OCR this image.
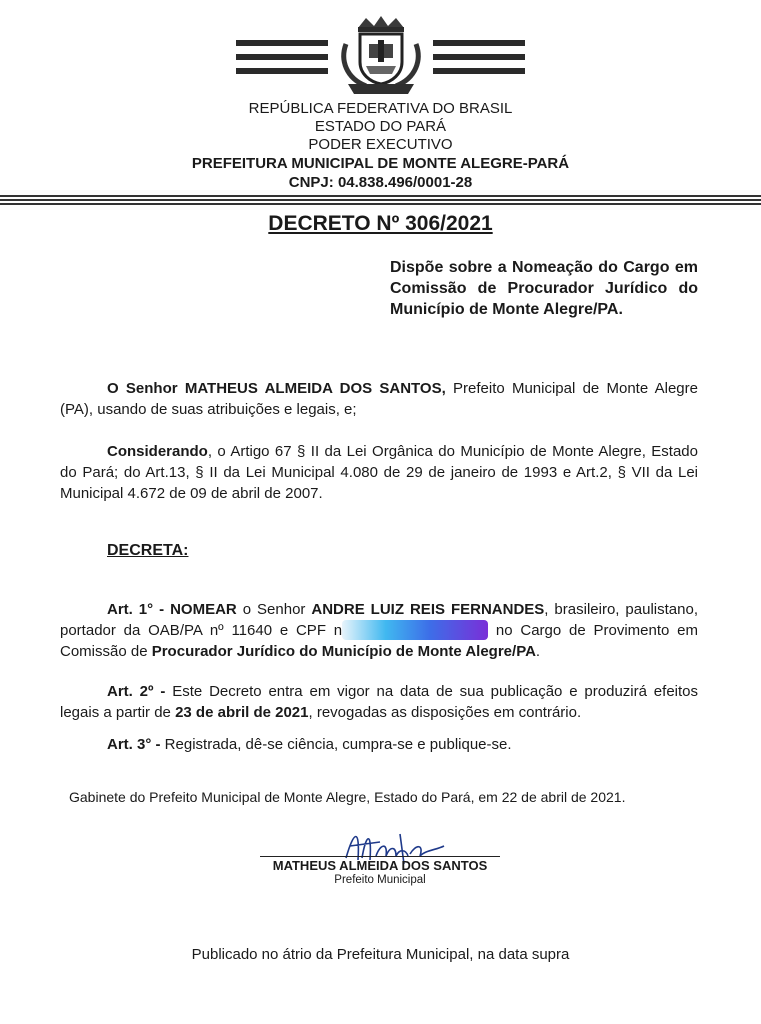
REPÚBLICA FEDERATIVA DO BRASIL
ESTADO DO PARÁ
PODER EXECUTIVO
PREFEITURA MUNICIPAL DE MONTE ALEGRE-PARÁ
CNPJ: 04.838.496/0001-28
DECRETO Nº 306/2021
Dispõe sobre a Nomeação do Cargo em Comissão de Procurador Jurídico do Município de Monte Alegre/PA.
O Senhor MATHEUS ALMEIDA DOS SANTOS, Prefeito Municipal de Monte Alegre (PA), usando de suas atribuições e legais, e;
Considerando, o Artigo 67 § II da Lei Orgânica do Município de Monte Alegre, Estado do Pará; do Art.13, § II da Lei Municipal 4.080 de 29 de janeiro de 1993 e Art.2, § VII da Lei Municipal 4.672 de 09 de abril de 2007.
DECRETA:
Art. 1° - NOMEAR o Senhor ANDRE LUIZ REIS FERNANDES, brasileiro, paulistano, portador da OAB/PA nº 11640 e CPF n	no Cargo de Provimento em Comissão de Procurador Jurídico do Município de Monte Alegre/PA.
Art. 2º - Este Decreto entra em vigor na data de sua publicação e produzirá efeitos legais a partir de 23 de abril de 2021, revogadas as disposições em contrário.
Art. 3° - Registrada, dê-se ciência, cumpra-se e publique-se.
Gabinete do Prefeito Municipal de Monte Alegre, Estado do Pará, em 22 de abril de 2021.
MATHEUS ALMEIDA DOS SANTOS
Prefeito Municipal
Publicado no átrio da Prefeitura Municipal, na data supra
